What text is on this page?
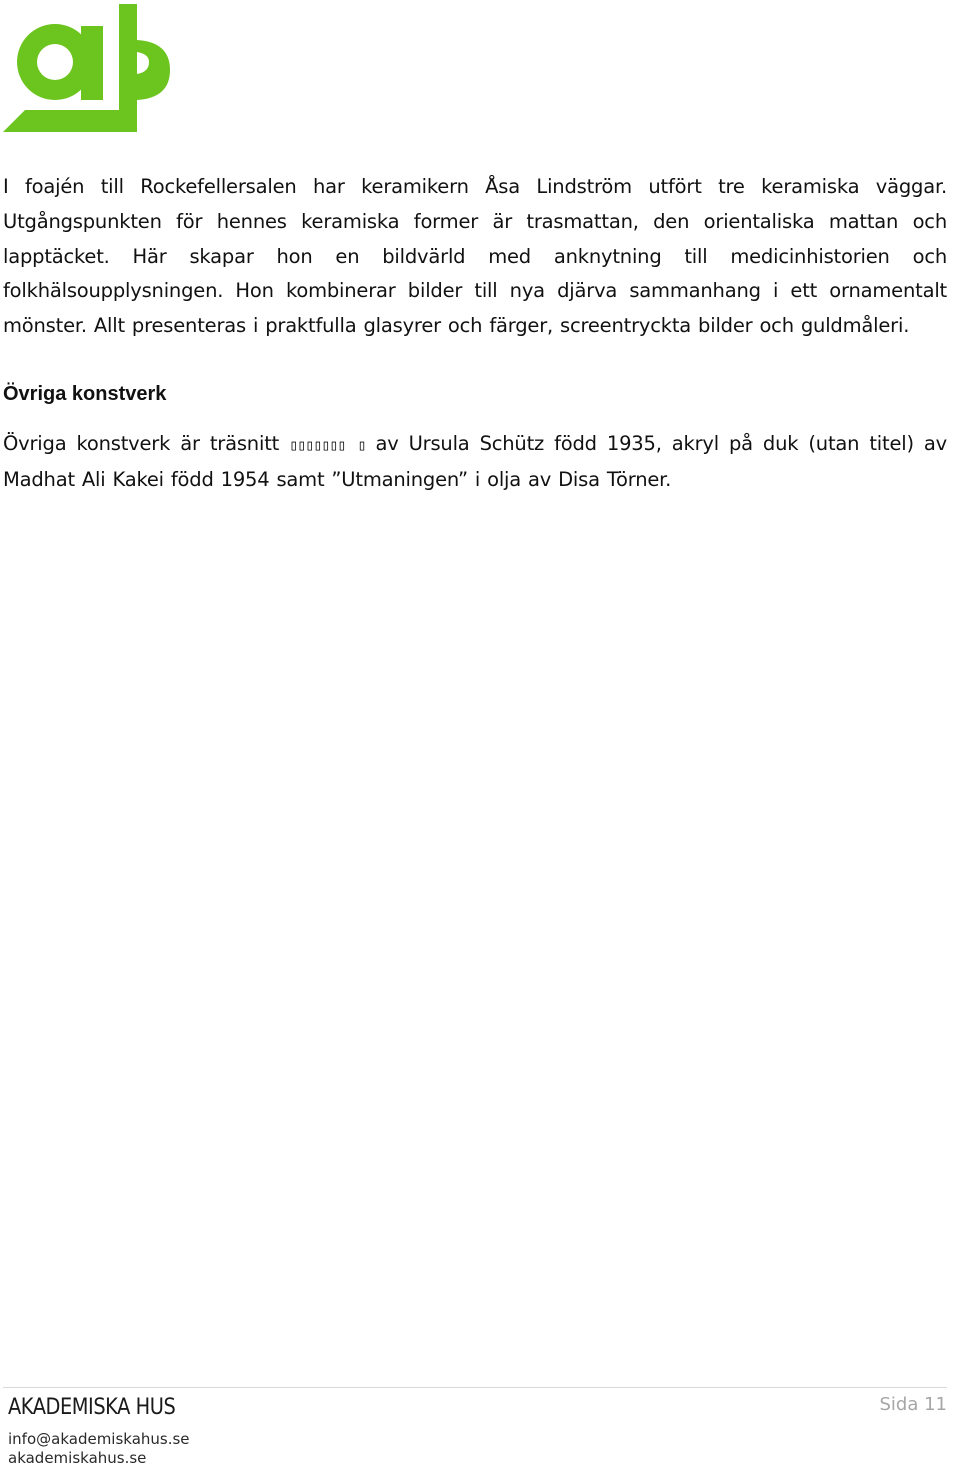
I foajén till Rockefellersalen har keramikern Åsa Lindström utfört tre keramiska väggar. Utgångspunkten för hennes keramiska former är trasmattan, den orientaliska mattan och lapptäcket. Här skapar hon en bildvärld med anknytning till medicinhistorien och folkhälsoupplysningen. Hon kombinerar bilder till nya djärva sammanhang i ett ornamentalt mönster. Allt presenteras i praktfulla glasyrer och färger, screentryckta bilder och guldmåleri.

Övriga konstverk

Övriga konstverk är träsnitt ▯▯▯▯▯▯▯ ▯ av Ursula Schütz född 1935, akryl på duk (utan titel) av Madhat Ali Kakei född 1954 samt ”Utmaningen” i olja av Disa Törner.

AKADEMISKA HUS
info@akademiskahus.se
akademiskahus.se
Sida 11
